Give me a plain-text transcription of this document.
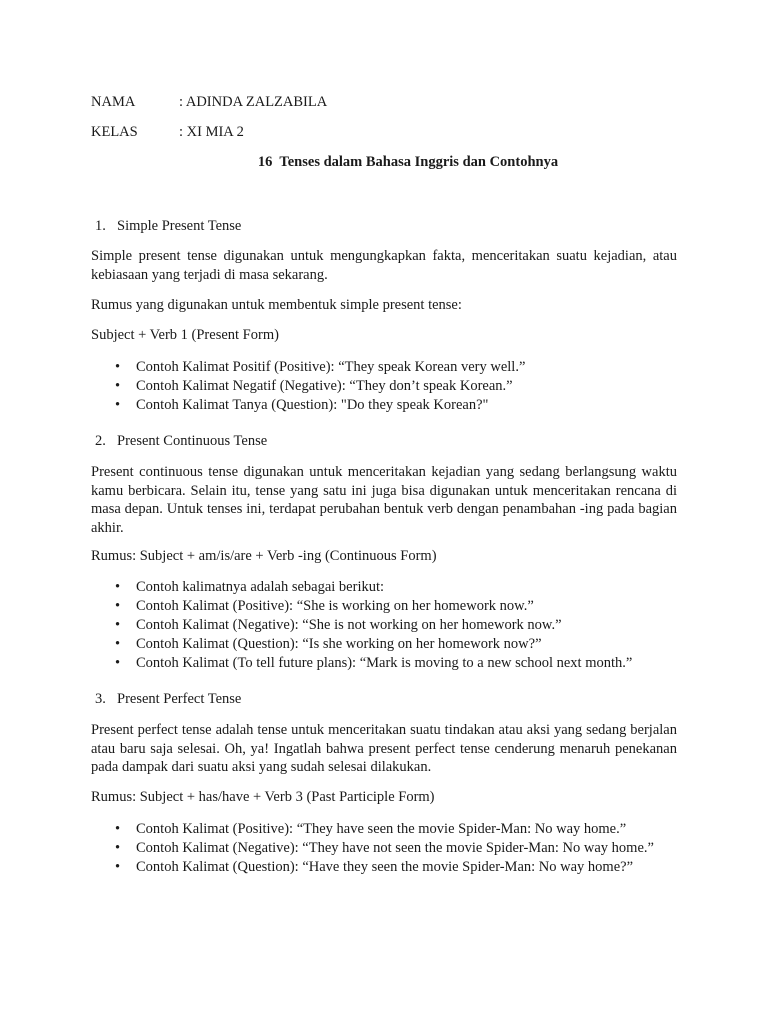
NAMA	: ADINDA ZALZABILA
KELAS	: XI MIA 2
16  Tenses dalam Bahasa Inggris dan Contohnya
1. Simple Present Tense

Simple present tense digunakan untuk mengungkapkan fakta, menceritakan suatu kejadian, atau kebiasaan yang terjadi di masa sekarang.

Rumus yang digunakan untuk membentuk simple present tense:

Subject + Verb 1 (Present Form)

• Contoh Kalimat Positif (Positive): “They speak Korean very well.”
• Contoh Kalimat Negatif (Negative): “They don’t speak Korean.”
• Contoh Kalimat Tanya (Question): "Do they speak Korean?"
2. Present Continuous Tense

Present continuous tense digunakan untuk menceritakan kejadian yang sedang berlangsung waktu kamu berbicara. Selain itu, tense yang satu ini juga bisa digunakan untuk menceritakan rencana di masa depan. Untuk tenses ini, terdapat perubahan bentuk verb dengan penambahan -ing pada bagian akhir.

Rumus: Subject + am/is/are + Verb -ing (Continuous Form)

• Contoh kalimatnya adalah sebagai berikut:
• Contoh Kalimat (Positive): “She is working on her homework now.”
• Contoh Kalimat (Negative): “She is not working on her homework now.”
• Contoh Kalimat (Question): “Is she working on her homework now?”
• Contoh Kalimat (To tell future plans): “Mark is moving to a new school next month.”
3. Present Perfect Tense

Present perfect tense adalah tense untuk menceritakan suatu tindakan atau aksi yang sedang berjalan atau baru saja selesai. Oh, ya! Ingatlah bahwa present perfect tense cenderung menaruh penekanan pada dampak dari suatu aksi yang sudah selesai dilakukan.

Rumus: Subject + has/have + Verb 3 (Past Participle Form)

• Contoh Kalimat (Positive): “They have seen the movie Spider-Man: No way home.”
• Contoh Kalimat (Negative): “They have not seen the movie Spider-Man: No way home.”
• Contoh Kalimat (Question): “Have they seen the movie Spider-Man: No way home?”
